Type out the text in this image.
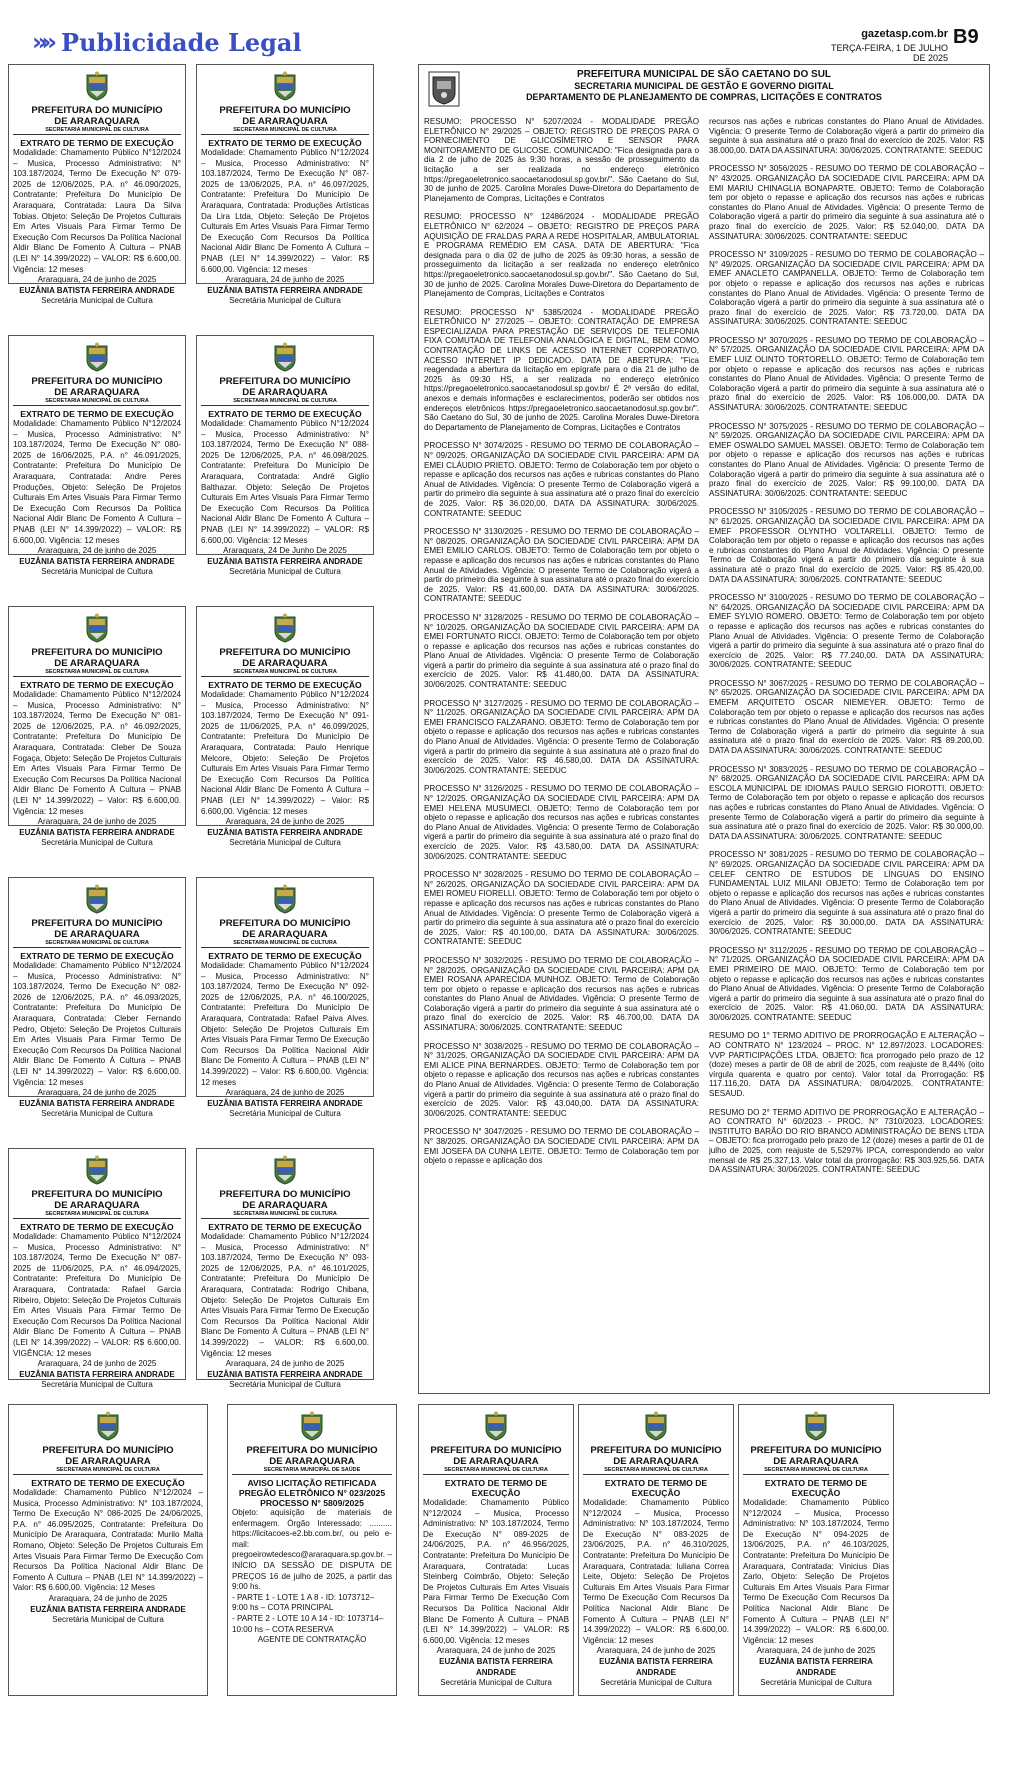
»» Publicidade Legal	gazetasp.com.br
TERÇA-FEIRA, 1 DE JULHO DE 2025
B9
PREFEITURA DO MUNICÍPIO
DE ARARAQUARA
SECRETARIA MUNICIPAL DE CULTURA
EXTRATO DE TERMO DE EXECUÇÃO
Modalidade: Chamamento Público N°12/2024 – Musica, Processo Administrativo: N° 103.187/2024, Termo De Execução N° 079-2025 de 12/06/2025, P.A. n° 46.090/2025, Contratante: Prefeitura Do Município De Araraquara, Contratada: Laura Da Silva Tobias. Objeto: Seleção De Projetos Culturais Em Artes Visuais Para Firmar Termo De Execução Com Recursos Da Política Nacional Aldir Blanc De Fomento À Cultura – PNAB (LEI N° 14.399/2022) – VALOR: R$ 6.600,00. Vigência: 12 meses
Araraquara, 24 de junho de 2025
EUZÂNIA BATISTA FERREIRA ANDRADE
Secretária Municipal de Cultura
PREFEITURA DO MUNICÍPIO
DE ARARAQUARA
SECRETARIA MUNICIPAL DE CULTURA
EXTRATO DE TERMO DE EXECUÇÃO
Modalidade: Chamamento Público N°12/2024 – Musica, Processo Administrativo: N° 103.187/2024, Termo De Execução N° 087-2025 de 13/06/2025, P.A. n° 46.097/2025, Contratante: Prefeitura Do Município De Araraquara, Contratada: Produções Artísticas Da Lira Ltda, Objeto: Seleção De Projetos Culturais Em Artes Visuais Para Firmar Termo De Execução Com Recursos Da Política Nacional Aldir Blanc De Fomento À Cultura – PNAB (LEI N° 14.399/2022) – Valor: R$ 6.600,00. Vigência: 12 meses
Araraquara, 24 de junho de 2025
EUZÂNIA BATISTA FERREIRA ANDRADE
Secretária Municipal de Cultura
PREFEITURA DO MUNICÍPIO
DE ARARAQUARA
SECRETARIA MUNICIPAL DE CULTURA
EXTRATO DE TERMO DE EXECUÇÃO
Modalidade: Chamamento Público N°12/2024 – Musica, Processo Administrativo: N° 103.187/2024, Termo De Execução N° 080-2025 de 16/06/2025, P.A. n° 46.091/2025, Contratante: Prefeitura Do Município De Araraquara, Contratada: Andre Peres Produções, Objeto: Seleção De Projetos Culturais Em Artes Visuais Para Firmar Termo De Execução Com Recursos Da Política Nacional Aldir Blanc De Fomento À Cultura – PNAB (LEI N° 14.399/2022) – VALOR: R$ 6.600,00. Vigência: 12 meses
Araraquara, 24 de junho de 2025
EUZÂNIA BATISTA FERREIRA ANDRADE
Secretária Municipal de Cultura
PREFEITURA DO MUNICÍPIO
DE ARARAQUARA
SECRETARIA MUNICIPAL DE CULTURA
EXTRATO DE TERMO DE EXECUÇÃO
Modalidade: Chamamento Público N°12/2024 – Musica, Processo Administrativo: N° 103.187/2024, Termo De Execução N° 088-2025 De 12/06/2025, P.A. n° 46.098/2025. Contratante: Prefeitura Do Município De Araraquara, Contratada: André Giglio Balthazar. Objeto: Seleção De Projetos Culturais Em Artes Visuais Para Firmar Termo De Execução Com Recursos Da Política Nacional Aldir Blanc De Fomento À Cultura – PNAB (LEI N° 14.399/2022) – VALOR: R$ 6.600,00. Vigência: 12 Meses
Araraquara, 24 De Junho De 2025
EUZÂNIA BATISTA FERREIRA ANDRADE
Secretária Municipal de Cultura
PREFEITURA DO MUNICÍPIO
DE ARARAQUARA
SECRETARIA MUNICIPAL DE CULTURA
EXTRATO DE TERMO DE EXECUÇÃO
Modalidade: Chamamento Público N°12/2024 – Musica, Processo Administrativo: N° 103.187/2024, Termo De Execução N° 081-2025 de 12/06/2025, P.A. n° 46.092/2025, Contratante: Prefeitura Do Município De Araraquara, Contratada: Cleber De Souza Fogaça, Objeto: Seleção De Projetos Culturais Em Artes Visuais Para Firmar Termo De Execução Com Recursos Da Política Nacional Aldir Blanc De Fomento À Cultura – PNAB (LEI N° 14.399/2022) – Valor: R$ 6.600,00. Vigência: 12 meses
Araraquara, 24 de junho de 2025
EUZÂNIA BATISTA FERREIRA ANDRADE
Secretária Municipal de Cultura
PREFEITURA DO MUNICÍPIO
DE ARARAQUARA
SECRETARIA MUNICIPAL DE CULTURA
EXTRATO DE TERMO DE EXECUÇÃO
Modalidade: Chamamento Público N°12/2024 – Musica, Processo Administrativo: N° 103.187/2024, Termo De Execução N° 091-2025 de 11/06/2025, P.A. n° 46.099/2025, Contratante: Prefeitura Do Município De Araraquara, Contratada: Paulo Henrique Melcore, Objeto: Seleção De Projetos Culturais Em Artes Visuais Para Firmar Termo De Execução Com Recursos Da Política Nacional Aldir Blanc De Fomento À Cultura – PNAB (LEI N° 14.399/2022) – Valor: R$ 6.600,00. Vigência: 12 meses
Araraquara, 24 de junho de 2025
EUZÂNIA BATISTA FERREIRA ANDRADE
Secretária Municipal de Cultura
PREFEITURA DO MUNICÍPIO
DE ARARAQUARA
SECRETARIA MUNICIPAL DE CULTURA
EXTRATO DE TERMO DE EXECUÇÃO
Modalidade: Chamamento Público N°12/2024 – Musica, Processo Administrativo: N° 103.187/2024, Termo De Execução N° 082-2026 de 12/06/2025, P.A. n° 46.093/2025, Contratante: Prefeitura Do Município De Araraquara, Contratada: Cleber Fernando Pedro, Objeto: Seleção De Projetos Culturais Em Artes Visuais Para Firmar Termo De Execução Com Recursos Da Política Nacional Aldir Blanc De Fomento À Cultura – PNAB (LEI N° 14.399/2022) – Valor: R$ 6.600,00. Vigência: 12 meses
Araraquara, 24 de junho de 2025
EUZÂNIA BATISTA FERREIRA ANDRADE
Secretária Municipal de Cultura
PREFEITURA DO MUNICÍPIO
DE ARARAQUARA
SECRETARIA MUNICIPAL DE CULTURA
EXTRATO DE TERMO DE EXECUÇÃO
Modalidade: Chamamento Público N°12/2024 – Musica, Processo Administrativo: N° 103.187/2024, Termo De Execução N° 092-2025 de 12/06/2025, P.A. n° 46.100/2025, Contratante: Prefeitura Do Município De Araraquara, Contratada: Rafael Paiva Alves. Objeto: Seleção De Projetos Culturais Em Artes Visuais Para Firmar Termo De Execução Com Recursos Da Política Nacional Aldir Blanc De Fomento À Cultura – PNAB (LEI N° 14.399/2022) – Valor: R$ 6.600,00. Vigência: 12 meses
Araraquara, 24 de junho de 2025
EUZÂNIA BATISTA FERREIRA ANDRADE
Secretária Municipal de Cultura
PREFEITURA DO MUNICÍPIO
DE ARARAQUARA
SECRETARIA MUNICIPAL DE CULTURA
EXTRATO DE TERMO DE EXECUÇÃO
Modalidade: Chamamento Público N°12/2024 – Musica, Processo Administrativo: N° 103.187/2024, Termo De Execução N° 087-2025 de 11/06/2025, P.A. n° 46.094/2025, Contratante: Prefeitura Do Município De Araraquara, Contratada: Rafael Garcia Ribeiro, Objeto: Seleção De Projetos Culturais Em Artes Visuais Para Firmar Termo De Execução Com Recursos Da Política Nacional Aldir Blanc De Fomento À Cultura – PNAB (LEI N° 14.399/2022) – VALOR: R$ 6.600,00. VIGÊNCIA: 12 meses
Araraquara, 24 de junho de 2025
EUZÂNIA BATISTA FERREIRA ANDRADE
Secretária Municipal de Cultura
PREFEITURA DO MUNICÍPIO
DE ARARAQUARA
SECRETARIA MUNICIPAL DE CULTURA
EXTRATO DE TERMO DE EXECUÇÃO
Modalidade: Chamamento Público N°12/2024 – Musica, Processo Administrativo: N° 103.187/2024, Termo De Execução N° 093-2025 de 12/06/2025, P.A. n° 46.101/2025, Contratante: Prefeitura Do Município De Araraquara, Contratada: Rodrigo Chibana, Objeto: Seleção De Projetos Culturais Em Artes Visuais Para Firmar Termo De Execução Com Recursos Da Política Nacional Aldir Blanc De Fomento À Cultura – PNAB (LEI N° 14.399/2022) – VALOR: R$ 6.600,00. Vigência: 12 meses
Araraquara, 24 de junho de 2025
EUZÂNIA BATISTA FERREIRA ANDRADE
Secretária Municipal de Cultura
PREFEITURA DO MUNICÍPIO
DE ARARAQUARA
SECRETARIA MUNICIPAL DE CULTURA
EXTRATO DE TERMO DE EXECUÇÃO
Modalidade: Chamamento Público N°12/2024 – Musica, Processo Administrativo: N° 103.187/2024, Termo De Execução N° 086-2025 De 24/06/2025, P.A. n° 46.095/2025, Contratante: Prefeitura Do Município De Araraquara, Contratada: Murilo Malta Romano, Objeto: Seleção De Projetos Culturais Em Artes Visuais Para Firmar Termo De Execução Com Recursos Da Política Nacional Aldir Blanc De Fomento À Cultura – PNAB (LEI N° 14.399/2022) – Valor: R$ 6.600,00. Vigência: 12 Meses
Araraquara, 24 de junho de 2025
EUZÂNIA BATISTA FERREIRA ANDRADE
Secretária Municipal de Cultura
PREFEITURA DO MUNICÍPIO
DE ARARAQUARA
SECRETARIA MUNICIPAL DE CULTURA
EXTRATO DE TERMO DE EXECUÇÃO
Modalidade: Chamamento Público N°12/2024 – Musica, Processo Administrativo: N° 103.187/2024, Termo De Execução N° 089-2025 de 24/06/2025, P.A. n° 46.956/2025, Contratante: Prefeitura Do Município De Araraquara, Contratada: Lucas Steinberg Coimbrão, Objeto: Seleção De Projetos Culturais Em Artes Visuais Para Firmar Termo De Execução Com Recursos Da Política Nacional Aldir Blanc De Fomento À Cultura – PNAB (LEI N° 14.399/2022) – VALOR: R$ 6.600,00. Vigência: 12 meses
Araraquara, 24 de junho de 2025
EUZÂNIA BATISTA FERREIRA ANDRADE
Secretária Municipal de Cultura
PREFEITURA DO MUNICÍPIO
DE ARARAQUARA
SECRETARIA MUNICIPAL DE CULTURA
EXTRATO DE TERMO DE EXECUÇÃO
Modalidade: Chamamento Público N°12/2024 – Musica, Processo Administrativo: N° 103.187/2024, Termo De Execução N° 083-2025 de 23/06/2025, P.A. n° 46.310/2025, Contratante: Prefeitura Do Município De Araraquara, Contratada: Iuliana Correa Leite, Objeto: Seleção De Projetos Culturais Em Artes Visuais Para Firmar Termo De Execução Com Recursos Da Política Nacional Aldir Blanc De Fomento À Cultura – PNAB (LEI N° 14.399/2022) – VALOR: R$ 6.600,00. Vigência: 12 meses
Araraquara, 24 de junho de 2025
EUZÂNIA BATISTA FERREIRA ANDRADE
Secretária Municipal de Cultura
PREFEITURA DO MUNICÍPIO
DE ARARAQUARA
SECRETARIA MUNICIPAL DE CULTURA
EXTRATO DE TERMO DE EXECUÇÃO
Modalidade: Chamamento Público N°12/2024 – Musica, Processo Administrativo: N° 103.187/2024, Termo De Execução N° 094-2025 de 13/06/2025, P.A. n° 46.103/2025, Contratante: Prefeitura Do Município De Araraquara, Contratada: Vinicius Dias Zarlo, Objeto: Seleção De Projetos Culturais Em Artes Visuais Para Firmar Termo De Execução Com Recursos Da Política Nacional Aldir Blanc De Fomento À Cultura – PNAB (LEI N° 14.399/2022) – VALOR: R$ 6.600,00. Vigência: 12 meses
Araraquara, 24 de junho de 2025
EUZÂNIA BATISTA FERREIRA ANDRADE
Secretária Municipal de Cultura
PREFEITURA DO MUNICÍPIO
DE ARARAQUARA
SECRETARIA MUNICIPAL DE SAÚDE
AVISO LICITAÇÃO RETIFICADA PREGÃO ELETRÔNICO N° 023/2025 PROCESSO N° 5809/2025
Objeto: aquisição de materiais de enfermagem. Órgão Interessado: .......... https://licitacoes-e2.bb.com.br/, ou pelo e-mail: pregoeirowtedesco@araraquara.sp.gov.br. – INÍCIO DA SESSÃO DE DISPUTA DE PREÇOS 16 de julho de 2025, a partir das 9:00 hs.
- PARTE 1 - LOTE 1 A 8 - ID: 1073712– 9:00 hs – COTA PRINCIPAL
- PARTE 2 - LOTE 10 A 14 - ID: 1073714– 10:00 hs – COTA RESERVA
AGENTE DE CONTRATAÇÃO
PREFEITURA MUNICIPAL DE SÃO CAETANO DO SUL
SECRETARIA MUNICIPAL DE GESTÃO E GOVERNO DIGITAL
DEPARTAMENTO DE PLANEJAMENTO DE COMPRAS, LICITAÇÕES E CONTRATOS

RESUMO: PROCESSO N° 5207/2024 - MODALIDADE PREGÃO ELETRÔNICO N° 29/2025 – OBJETO: REGISTRO DE PREÇOS PARA O FORNECIMENTO DE GLICOSÍMETRO E SENSOR PARA MONITORAMENTO DE GLICOSE. COMUNICADO: "Fica designada para o dia 2 de julho de 2025 às 9:30 horas, a sessão de prosseguimento da licitação a ser realizada no endereço eletrônico https://pregaoeletronico.saocaetanodosul.sp.gov.br/". São Caetano do Sul, 30 de junho de 2025. Carolina Morales Duwe-Diretora do Departamento de Planejamento de Compras, Licitações e Contratos

RESUMO: PROCESSO N° 12486/2024 - MODALIDADE PREGÃO ELETRÔNICO N° 62/2024 – OBJETO: REGISTRO DE PREÇOS PARA AQUISIÇÃO DE FRALDAS PARA A REDE HOSPITALAR, AMBULATORIAL E PROGRAMA REMÉDIO EM CASA. DATA DE ABERTURA: "Fica designada para o dia 02 de julho de 2025 às 09:30 horas, a sessão de prosseguimento da licitação a ser realizada no endereço eletrônico https://pregaoeletronico.saocaetanodosul.sp.gov.br/". São Caetano do Sul, 30 de junho de 2025. Carolina Morales Duwe-Diretora do Departamento de Planejamento de Compras, Licitações e Contratos

RESUMO: PROCESSO N° 5385/2024 - MODALIDADE PREGÃO ELETRÔNICO N° 27/2025 – OBJETO: CONTRATAÇÃO DE EMPRESA ESPECIALIZADA PARA PRESTAÇÃO DE SERVIÇOS DE TELEFONIA FIXA COMUTADA DE TELEFONIA ANALÓGICA E DIGITAL, BEM COMO CONTRATAÇÃO DE LINKS DE ACESSO INTERNET CORPORATIVO, ACESSO INTERNET IP DEDICADO. DATA DE ABERTURA: "Fica reagendada a abertura da licitação em epígrafe para o dia 21 de julho de 2025 às 09:30 HS, a ser realizada no endereço eletrônico https://pregaoeletronico.saocaetanodosul.sp.gov.br/ É 2ª versão do edital, anexos e demais informações e esclarecimentos, poderão ser obtidos nos endereços eletrônicos https://pregaoeletronico.saocaetanodosul.sp.gov.br/". São Caetano do Sul, 30 de junho de 2025. Carolina Morales Duwe-Diretora do Departamento de Planejamento de Compras, Licitações e Contratos

PROCESSO N° 3074/2025 - RESUMO DO TERMO DE COLABORAÇÃO – N° 09/2025. ORGANIZAÇÃO DA SOCIEDADE CIVIL PARCEIRA: APM DA EMEI CLÁUDIO PRIETO. OBJETO: Termo de Colaboração tem por objeto o repasse e aplicação dos recursos nas ações e rubricas constantes do Plano Anual de Atividades. Vigência: O presente Termo de Colaboração vigerá a partir do primeiro dia seguinte à sua assinatura até o prazo final do exercício de 2025. Valor: R$ 36.020,00. DATA DA ASSINATURA: 30/06/2025. CONTRATANTE: SEEDUC

PROCESSO N° 3130/2025 - RESUMO DO TERMO DE COLABORAÇÃO – N° 08/2025. ORGANIZAÇÃO DA SOCIEDADE CIVIL PARCEIRA: APM DA EMEI EMILIO CARLOS. OBJETO: Termo de Colaboração tem por objeto o repasse e aplicação dos recursos nas ações e rubricas constantes do Plano Anual de Atividades. Vigência: O presente Termo de Colaboração vigerá a partir do primeiro dia seguinte à sua assinatura até o prazo final do exercício de 2025. Valor: R$ 41.600,00. DATA DA ASSINATURA: 30/06/2025. CONTRATANTE: SEEDUC

PROCESSO N° 3128/2025 - RESUMO DO TERMO DE COLABORAÇÃO – N° 10/2025. ORGANIZAÇÃO DA SOCIEDADE CIVIL PARCEIRA: APM DA EMEI FORTUNATO RICCI. OBJETO: Termo de Colaboração tem por objeto o repasse e aplicação dos recursos nas ações e rubricas constantes do Plano Anual de Atividades. Vigência: O presente Termo de Colaboração vigerá a partir do primeiro dia seguinte à sua assinatura até o prazo final do exercício de 2025. Valor: R$ 41.480,00. DATA DA ASSINATURA: 30/06/2025. CONTRATANTE: SEEDUC

PROCESSO N° 3127/2025 - RESUMO DO TERMO DE COLABORAÇÃO – N° 11/2025. ORGANIZAÇÃO DA SOCIEDADE CIVIL PARCEIRA: APM DA EMEI FRANCISCO FALZARANO. OBJETO: Termo de Colaboração tem por objeto o repasse e aplicação dos recursos nas ações e rubricas constantes do Plano Anual de Atividades. Vigência: O presente Termo de Colaboração vigerá a partir do primeiro dia seguinte à sua assinatura até o prazo final do exercício de 2025. Valor: R$ 46.580,00. DATA DA ASSINATURA: 30/06/2025. CONTRATANTE: SEEDUC

PROCESSO N° 3126/2025 - RESUMO DO TERMO DE COLABORAÇÃO – N° 12/2025. ORGANIZAÇÃO DA SOCIEDADE CIVIL PARCEIRA: APM DA EMEI HELENA MUSUMECI. OBJETO: Termo de Colaboração tem por objeto o repasse e aplicação dos recursos nas ações e rubricas constantes do Plano Anual de Atividades. Vigência: O presente Termo de Colaboração vigerá a partir do primeiro dia seguinte à sua assinatura até o prazo final do exercício de 2025. Valor: R$ 43.580,00. DATA DA ASSINATURA: 30/06/2025. CONTRATANTE: SEEDUC

PROCESSO N° 3028/2025 - RESUMO DO TERMO DE COLABORAÇÃO – N° 26/2025. ORGANIZAÇÃO DA SOCIEDADE CIVIL PARCEIRA: APM DA EMEI ROMEU FIORELLI. OBJETO: Termo de Colaboração tem por objeto o repasse e aplicação dos recursos nas ações e rubricas constantes do Plano Anual de Atividades. Vigência: O presente Termo de Colaboração vigerá a partir do primeiro dia seguinte à sua assinatura até o prazo final do exercício de 2025. Valor: R$ 40.100,00. DATA DA ASSINATURA: 30/06/2025. CONTRATANTE: SEEDUC

PROCESSO N° 3032/2025 - RESUMO DO TERMO DE COLABORAÇÃO – N° 28/2025. ORGANIZAÇÃO DA SOCIEDADE CIVIL PARCEIRA: APM DA EMEI ROSANA APARECIDA MUNHOZ. OBJETO: Termo de Colaboração tem por objeto o repasse e aplicação dos recursos nas ações e rubricas constantes do Plano Anual de Atividades. Vigência: O presente Termo de Colaboração vigerá a partir do primeiro dia seguinte à sua assinatura até o prazo final do exercício de 2025. Valor: R$ 46.700,00. DATA DA ASSINATURA: 30/06/2025. CONTRATANTE: SEEDUC

PROCESSO N° 3038/2025 - RESUMO DO TERMO DE COLABORAÇÃO – N° 31/2025. ORGANIZAÇÃO DA SOCIEDADE CIVIL PARCEIRA: APM DA EMI ALICE PINA BERNARDES. OBJETO: Termo de Colaboração tem por objeto o repasse e aplicação dos recursos nas ações e rubricas constantes do Plano Anual de Atividades. Vigência: O presente Termo de Colaboração vigerá a partir do primeiro dia seguinte à sua assinatura até o prazo final do exercício de 2025. Valor: R$ 43.040,00. DATA DA ASSINATURA: 30/06/2025. CONTRATANTE: SEEDUC

PROCESSO N° 3047/2025 - RESUMO DO TERMO DE COLABORAÇÃO – N° 38/2025. ORGANIZAÇÃO DA SOCIEDADE CIVIL PARCEIRA: APM DA EMI JOSEFA DA CUNHA LEITE. OBJETO: Termo de Colaboração tem por objeto o repasse e aplicação dos

recursos nas ações e rubricas constantes do Plano Anual de Atividades. Vigência: O presente Termo de Colaboração vigerá a partir do primeiro dia seguinte à sua assinatura até o prazo final do exercício de 2025. Valor: R$ 38.000,00. DATA DA ASSINATURA: 30/06/2025. CONTRATANTE: SEEDUC

PROCESSO N° 3056/2025 - RESUMO DO TERMO DE COLABORAÇÃO – N° 43/2025. ORGANIZAÇÃO DA SOCIEDADE CIVIL PARCEIRA: APM DA EMI MARIU CHINAGLIA BONAPARTE. OBJETO: Termo de Colaboração tem por objeto o repasse e aplicação dos recursos nas ações e rubricas constantes do Plano Anual de Atividades. Vigência: O presente Termo de Colaboração vigerá a partir do primeiro dia seguinte à sua assinatura até o prazo final do exercício de 2025. Valor: R$ 52.040,00. DATA DA ASSINATURA: 30/06/2025. CONTRATANTE: SEEDUC

PROCESSO N° 3109/2025 - RESUMO DO TERMO DE COLABORAÇÃO – N° 49/2025. ORGANIZAÇÃO DA SOCIEDADE CIVIL PARCEIRA: APM DA EMEF ANACLETO CAMPANELLA. OBJETO: Termo de Colaboração tem por objeto o repasse e aplicação dos recursos nas ações e rubricas constantes do Plano Anual de Atividades. Vigência: O presente Termo de Colaboração vigerá a partir do primeiro dia seguinte à sua assinatura até o prazo final do exercício de 2025. Valor: R$ 73.720,00. DATA DA ASSINATURA: 30/06/2025. CONTRATANTE: SEEDUC

PROCESSO N° 3070/2025 - RESUMO DO TERMO DE COLABORAÇÃO – N° 57/2025. ORGANIZAÇÃO DA SOCIEDADE CIVIL PARCEIRA: APM DA EMEF LUIZ OLINTO TORTORELLO. OBJETO: Termo de Colaboração tem por objeto o repasse e aplicação dos recursos nas ações e rubricas constantes do Plano Anual de Atividades. Vigência: O presente Termo de Colaboração vigerá a partir do primeiro dia seguinte à sua assinatura até o prazo final do exercício de 2025. Valor: R$ 106.000,00. DATA DA ASSINATURA: 30/06/2025. CONTRATANTE: SEEDUC

PROCESSO N° 3075/2025 - RESUMO DO TERMO DE COLABORAÇÃO – N° 59/2025. ORGANIZAÇÃO DA SOCIEDADE CIVIL PARCEIRA: APM DA EMEF OSWALDO SAMUEL MASSEI. OBJETO: Termo de Colaboração tem por objeto o repasse e aplicação dos recursos nas ações e rubricas constantes do Plano Anual de Atividades. Vigência: O presente Termo de Colaboração vigerá a partir do primeiro dia seguinte à sua assinatura até o prazo final do exercício de 2025. Valor: R$ 99.100,00. DATA DA ASSINATURA: 30/06/2025. CONTRATANTE: SEEDUC

PROCESSO N° 3105/2025 - RESUMO DO TERMO DE COLABORAÇÃO – N° 61/2025. ORGANIZAÇÃO DA SOCIEDADE CIVIL PARCEIRA: APM DA EMEF PROFESSOR OLYNTHO VOLTARELLI. OBJETO: Termo de Colaboração tem por objeto o repasse e aplicação dos recursos nas ações e rubricas constantes do Plano Anual de Atividades. Vigência: O presente Termo de Colaboração vigerá a partir do primeiro dia seguinte à sua assinatura até o prazo final do exercício de 2025. Valor: R$ 85.420,00. DATA DA ASSINATURA: 30/06/2025. CONTRATANTE: SEEDUC

PROCESSO N° 3100/2025 - RESUMO DO TERMO DE COLABORAÇÃO – N° 64/2025. ORGANIZAÇÃO DA SOCIEDADE CIVIL PARCEIRA: APM DA EMEF SYLVIO ROMERO. OBJETO: Termo de Colaboração tem por objeto o repasse e aplicação dos recursos nas ações e rubricas constantes do Plano Anual de Atividades. Vigência: O presente Termo de Colaboração vigerá a partir do primeiro dia seguinte à sua assinatura até o prazo final do exercício de 2025. Valor: R$ 77.240,00. DATA DA ASSINATURA: 30/06/2025. CONTRATANTE: SEEDUC

PROCESSO N° 3067/2025 - RESUMO DO TERMO DE COLABORAÇÃO – N° 65/2025. ORGANIZAÇÃO DA SOCIEDADE CIVIL PARCEIRA: APM DA EMEFM ARQUITETO OSCAR NIEMEYER. OBJETO: Termo de Colaboração tem por objeto o repasse e aplicação dos recursos nas ações e rubricas constantes do Plano Anual de Atividades. Vigência: O presente Termo de Colaboração vigerá a partir do primeiro dia seguinte à sua assinatura até o prazo final do exercício de 2025. Valor: R$ 89.200,00. DATA DA ASSINATURA: 30/06/2025. CONTRATANTE: SEEDUC

PROCESSO N° 3083/2025 - RESUMO DO TERMO DE COLABORAÇÃO – N° 68/2025. ORGANIZAÇÃO DA SOCIEDADE CIVIL PARCEIRA: APM DA ESCOLA MUNICIPAL DE IDIOMAS PAULO SERGIO FIOROTTI. OBJETO: Termo de Colaboração tem por objeto o repasse e aplicação dos recursos nas ações e rubricas constantes do Plano Anual de Atividades. Vigência: O presente Termo de Colaboração vigerá a partir do primeiro dia seguinte à sua assinatura até o prazo final do exercício de 2025. Valor: R$ 30.000,00. DATA DA ASSINATURA: 30/06/2025. CONTRATANTE: SEEDUC

PROCESSO N° 3081/2025 - RESUMO DO TERMO DE COLABORAÇÃO – N° 69/2025. ORGANIZAÇÃO DA SOCIEDADE CIVIL PARCEIRA: APM DA CELEF CENTRO DE ESTUDOS DE LÍNGUAS DO ENSINO FUNDAMENTAL LUIZ MILANI OBJETO: Termo de Colaboração tem por objeto o repasse e aplicação dos recursos nas ações e rubricas constantes do Plano Anual de Atividades. Vigência: O presente Termo de Colaboração vigerá a partir do primeiro dia seguinte à sua assinatura até o prazo final do exercício de 2025. Valor: R$ 30.000,00. DATA DA ASSINATURA: 30/06/2025. CONTRATANTE: SEEDUC

PROCESSO N° 3112/2025 - RESUMO DO TERMO DE COLABORAÇÃO – N° 71/2025. ORGANIZAÇÃO DA SOCIEDADE CIVIL PARCEIRA: APM DA EMEI PRIMEIRO DE MAIO. OBJETO: Termo de Colaboração tem por objeto o repasse e aplicação dos recursos nas ações e rubricas constantes do Plano Anual de Atividades. Vigência: O presente Termo de Colaboração vigerá a partir do primeiro dia seguinte à sua assinatura até o prazo final do exercício de 2025. Valor: R$ 41.060,00. DATA DA ASSINATURA: 30/06/2025. CONTRATANTE: SEEDUC

RESUMO DO 1° TERMO ADITIVO DE PRORROGAÇÃO E ALTERAÇÃO – AO CONTRATO N° 123/2024 – PROC. N° 12.897/2023. LOCADORES: VVP PARTICIPAÇÕES LTDA. OBJETO: fica prorrogado pelo prazo de 12 (doze) meses a partir de 08 de abril de 2025, com reajuste de 8,44% (oito vírgula quarenta e quatro por cento). Valor total da Prorrogação: R$ 117.116,20. DATA DA ASSINATURA: 08/04/2025. CONTRATANTE: SESAUD.

RESUMO DO 2° TERMO ADITIVO DE PRORROGAÇÃO E ALTERAÇÃO – AO CONTRATO N° 60/2023 - PROC. N° 7310/2023. LOCADORES: INSTITUTO BARÃO DO RIO BRANCO ADMINISTRAÇÃO DE BENS LTDA – OBJETO: fica prorrogado pelo prazo de 12 (doze) meses a partir de 01 de julho de 2025, com reajuste de 5,5297% IPCA, correspondendo ao valor mensal de R$ 25.327,13. Valor total da prorrogação: R$ 303.925,56. DATA DA ASSINATURA: 30/06/2025. CONTRATANTE: SEEDUC
